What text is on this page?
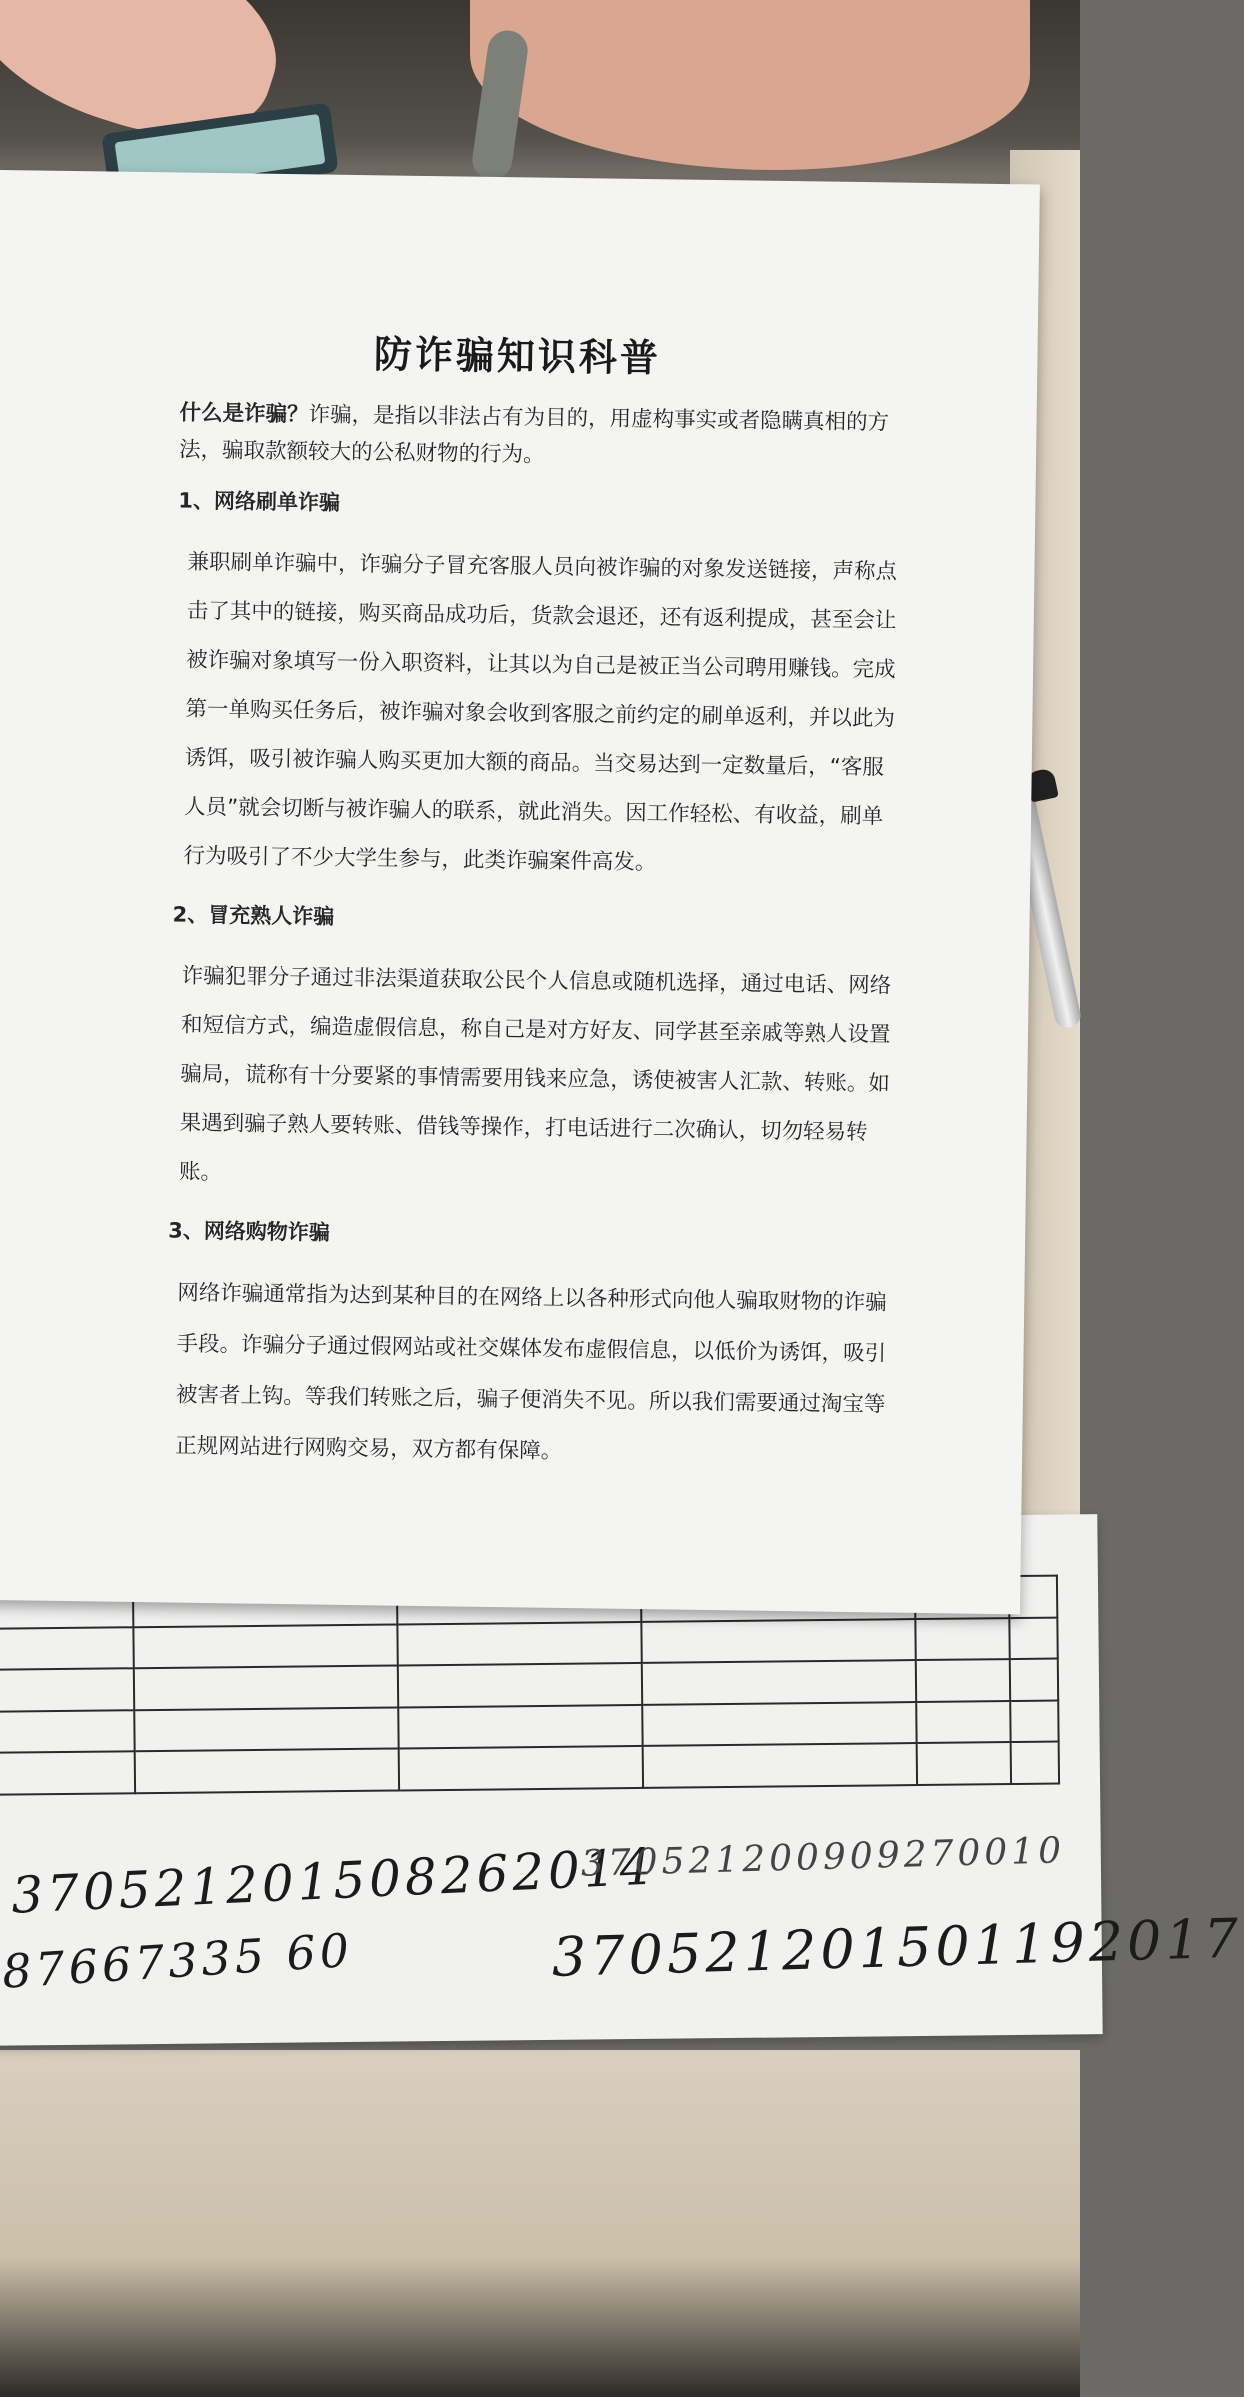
370521201508262014
370521200909270010
87667335 60	370521201501192017
防诈骗知识科普

什么是诈骗？诈骗，是指以非法占有为目的，用虚构事实或者隐瞒真相的方法，骗取款额较大的公私财物的行为。

1、网络刷单诈骗

兼职刷单诈骗中，诈骗分子冒充客服人员向被诈骗的对象发送链接，声称点击了其中的链接，购买商品成功后，货款会退还，还有返利提成，甚至会让被诈骗对象填写一份入职资料，让其以为自己是被正当公司聘用赚钱。完成第一单购买任务后，被诈骗对象会收到客服之前约定的刷单返利，并以此为诱饵，吸引被诈骗人购买更加大额的商品。当交易达到一定数量后，“客服人员”就会切断与被诈骗人的联系，就此消失。因工作轻松、有收益，刷单行为吸引了不少大学生参与，此类诈骗案件高发。

2、冒充熟人诈骗

诈骗犯罪分子通过非法渠道获取公民个人信息或随机选择，通过电话、网络和短信方式，编造虚假信息，称自己是对方好友、同学甚至亲戚等熟人设置骗局，谎称有十分要紧的事情需要用钱来应急，诱使被害人汇款、转账。如果遇到骗子熟人要转账、借钱等操作，打电话进行二次确认，切勿轻易转账。

3、网络购物诈骗

网络诈骗通常指为达到某种目的在网络上以各种形式向他人骗取财物的诈骗手段。诈骗分子通过假网站或社交媒体发布虚假信息，以低价为诱饵，吸引被害者上钩。等我们转账之后，骗子便消失不见。所以我们需要通过淘宝等正规网站进行网购交易，双方都有保障。
